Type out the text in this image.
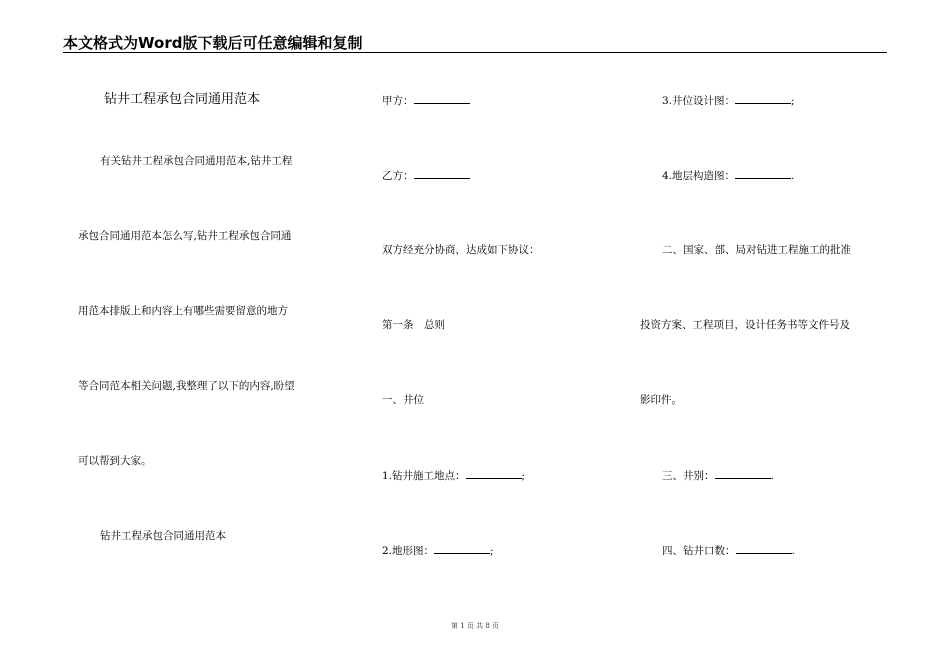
本文格式为Word版下载后可任意编辑和复制
钻井工程承包合同通用范本
有关钻井工程承包合同通用范本,钻井工程
承包合同通用范本怎么写,钻井工程承包合同通
用范本排版上和内容上有哪些需要留意的地方
等合同范本相关问题,我整理了以下的内容,盼望
可以帮到大家。
钻井工程承包合同通用范本
甲方：
乙方：
双方经充分协商，达成如下协议：
第一条　总则
一、井位
1.钻井施工地点：	;
2.地形图：	;
3.井位设计图：	;
4.地层构造图：	.
二、国家、部、局对钻进工程施工的批准
投资方案、工程项目，设计任务书等文件号及
影印件。
三、井别：	.
四、钻井口数：	.
第 1 页 共 8 页
